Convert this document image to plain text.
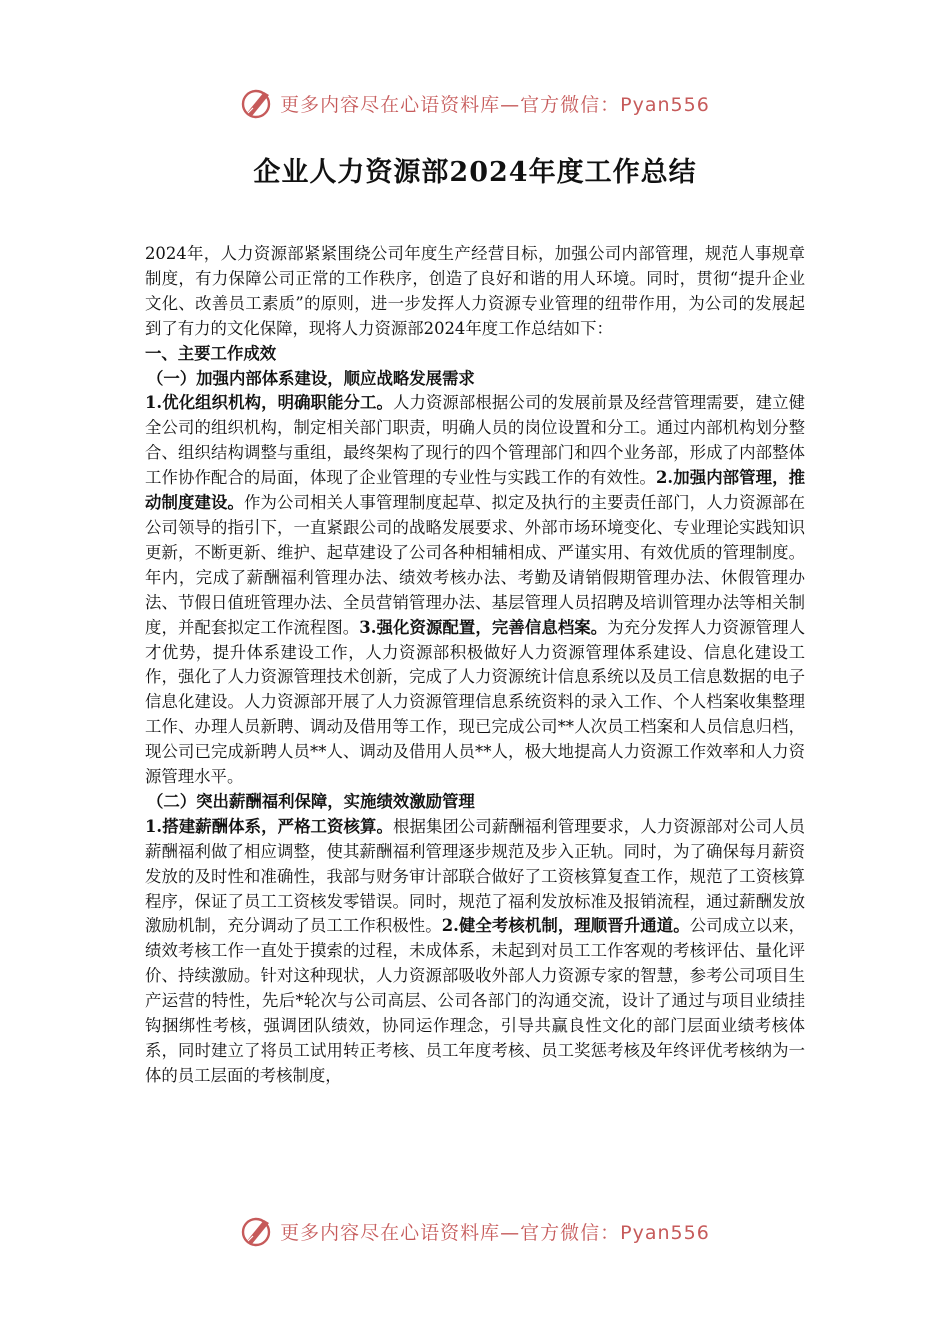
更多内容尽在心语资料库—官方微信：Pyan556
企业人力资源部2024年度工作总结

2024年，人力资源部紧紧围绕公司年度生产经营目标，加强公司内部管理，规范人事规章制度，有力保障公司正常的工作秩序，创造了良好和谐的用人环境。同时，贯彻“提升企业文化、改善员工素质”的原则，进一步发挥人力资源专业管理的纽带作用，为公司的发展起到了有力的文化保障，现将人力资源部2024年度工作总结如下：

一、主要工作成效

（一）加强内部体系建设，顺应战略发展需求

1.优化组织机构，明确职能分工。人力资源部根据公司的发展前景及经营管理需要，建立健全公司的组织机构，制定相关部门职责，明确人员的岗位设置和分工。通过内部机构划分整合、组织结构调整与重组，最终架构了现行的四个管理部门和四个业务部，形成了内部整体工作协作配合的局面，体现了企业管理的专业性与实践工作的有效性。2.加强内部管理，推动制度建设。作为公司相关人事管理制度起草、拟定及执行的主要责任部门，人力资源部在公司领导的指引下，一直紧跟公司的战略发展要求、外部市场环境变化、专业理论实践知识更新，不断更新、维护、起草建设了公司各种相辅相成、严谨实用、有效优质的管理制度。年内，完成了薪酬福利管理办法、绩效考核办法、考勤及请销假期管理办法、休假管理办法、节假日值班管理办法、全员营销管理办法、基层管理人员招聘及培训管理办法等相关制度，并配套拟定工作流程图。3.强化资源配置，完善信息档案。为充分发挥人力资源管理人才优势，提升体系建设工作，人力资源部积极做好人力资源管理体系建设、信息化建设工作，强化了人力资源管理技术创新，完成了人力资源统计信息系统以及员工信息数据的电子信息化建设。人力资源部开展了人力资源管理信息系统资料的录入工作、个人档案收集整理工作、办理人员新聘、调动及借用等工作，现已完成公司**人次员工档案和人员信息归档，现公司已完成新聘人员**人、调动及借用人员**人，极大地提高人力资源工作效率和人力资源管理水平。

（二）突出薪酬福利保障，实施绩效激励管理

1.搭建薪酬体系，严格工资核算。根据集团公司薪酬福利管理要求，人力资源部对公司人员薪酬福利做了相应调整，使其薪酬福利管理逐步规范及步入正轨。同时，为了确保每月薪资发放的及时性和准确性，我部与财务审计部联合做好了工资核算复查工作，规范了工资核算程序，保证了员工工资核发零错误。同时，规范了福利发放标准及报销流程，通过薪酬发放激励机制，充分调动了员工工作积极性。2.健全考核机制，理顺晋升通道。公司成立以来，绩效考核工作一直处于摸索的过程，未成体系，未起到对员工工作客观的考核评估、量化评价、持续激励。针对这种现状，人力资源部吸收外部人力资源专家的智慧，参考公司项目生产运营的特性，先后*轮次与公司高层、公司各部门的沟通交流，设计了通过与项目业绩挂钩捆绑性考核，强调团队绩效，协同运作理念，引导共赢良性文化的部门层面业绩考核体系，同时建立了将员工试用转正考核、员工年度考核、员工奖惩考核及年终评优考核纳为一体的员工层面的考核制度，

更多内容尽在心语资料库—官方微信：Pyan556
